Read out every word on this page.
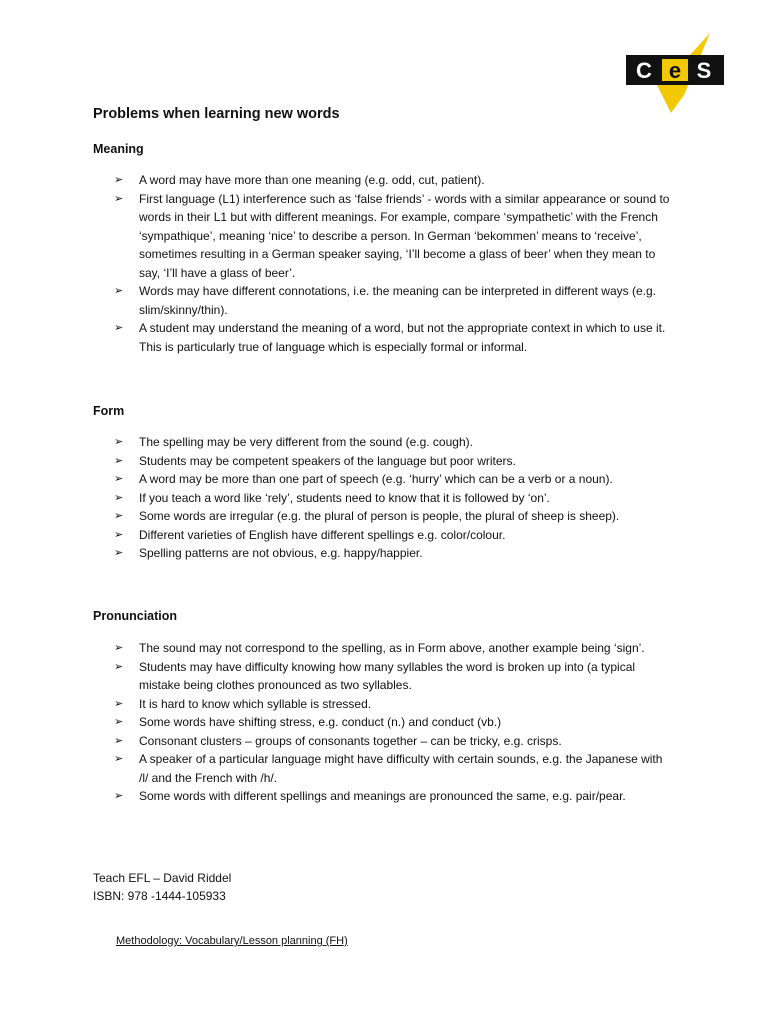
C e S
Problems when learning new words
Meaning
➢ A word may have more than one meaning (e.g. odd, cut, patient).
➢ First language (L1) interference such as ‘false friends’ - words with a similar appearance or sound to words in their L1 but with different meanings. For example, compare ‘sympathetic’ with the French ‘sympathique’, meaning ‘nice’ to describe a person. In German ‘bekommen’ means to ‘receive’, sometimes resulting in a German speaker saying, ‘I’ll become a glass of beer’ when they mean to say, ‘I’ll have a glass of beer’.
➢ Words may have different connotations, i.e. the meaning can be interpreted in different ways (e.g. slim/skinny/thin).
➢ A student may understand the meaning of a word, but not the appropriate context in which to use it. This is particularly true of language which is especially formal or informal.
Form
➢ The spelling may be very different from the sound (e.g. cough).
➢ Students may be competent speakers of the language but poor writers.
➢ A word may be more than one part of speech (e.g. ‘hurry’ which can be a verb or a noun).
➢ If you teach a word like ‘rely’, students need to know that it is followed by ‘on’.
➢ Some words are irregular (e.g. the plural of person is people, the plural of sheep is sheep).
➢ Different varieties of English have different spellings e.g. color/colour.
➢ Spelling patterns are not obvious, e.g. happy/happier.
Pronunciation
➢ The sound may not correspond to the spelling, as in Form above, another example being ‘sign’.
➢ Students may have difficulty knowing how many syllables the word is broken up into (a typical mistake being clothes pronounced as two syllables.
➢ It is hard to know which syllable is stressed.
➢ Some words have shifting stress, e.g. conduct (n.) and conduct (vb.)
➢ Consonant clusters – groups of consonants together – can be tricky, e.g. crisps.
➢ A speaker of a particular language might have difficulty with certain sounds, e.g. the Japanese with /l/ and the French with /h/.
➢ Some words with different spellings and meanings are pronounced the same, e.g. pair/pear.

Teach EFL – David Riddel

ISBN: 978 -1444-105933

Methodology: Vocabulary/Lesson planning (FH)
